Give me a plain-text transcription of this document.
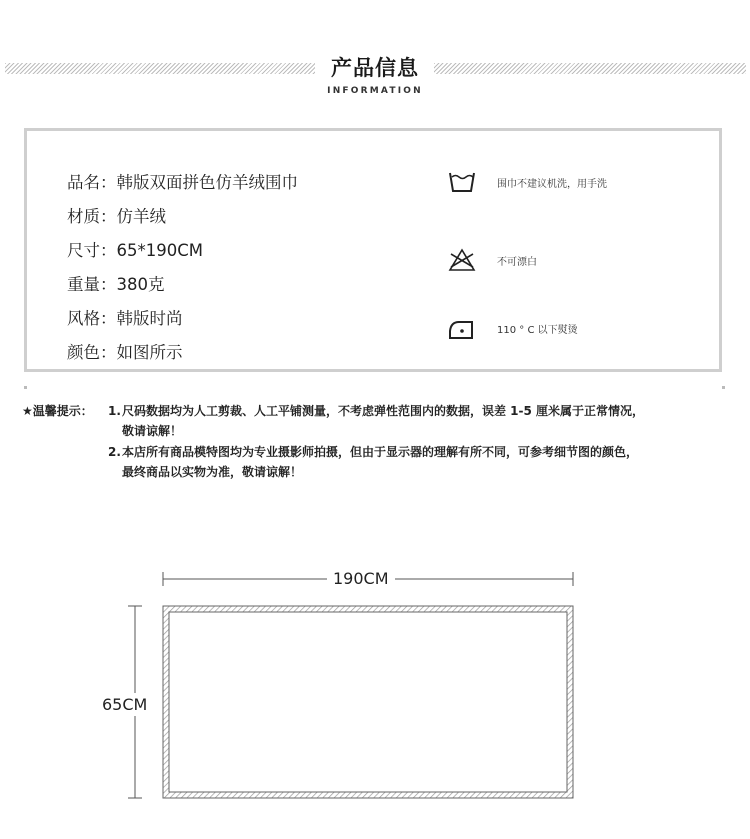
产品信息
INFORMATION
品名：韩版双面拼色仿羊绒围巾
材质：仿羊绒
尺寸：65*190CM
重量：380克
风格：韩版时尚
颜色：如图所示
围巾不建议机洗，用手洗
不可漂白
110 ° C 以下熨烫
★温馨提示： 1.尺码数据均为人工剪裁、人工平铺测量，不考虑弹性范围内的数据，误差 1-5 厘米属于正常情况，
敬请谅解！
2.本店所有商品模特图均为专业摄影师拍摄，但由于显示器的理解有所不同，可参考细节图的颜色，
最终商品以实物为准，敬请谅解！
190CM
65CM
